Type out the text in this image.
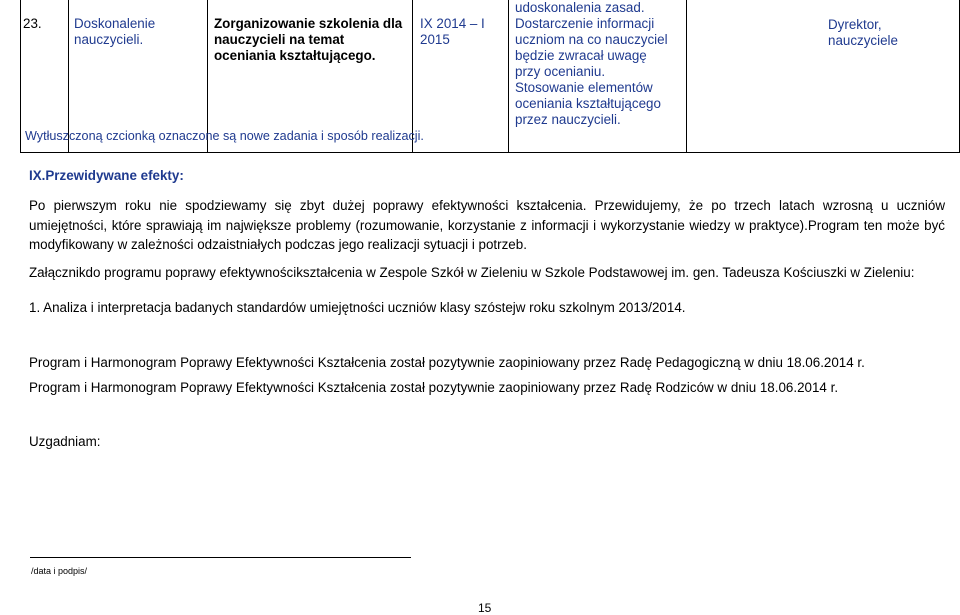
23. Doskonalenie nauczycieli.
Zorganizowanie szkolenia dla nauczycieli na temat oceniania kształtującego.
IX 2014 – I 2015
udoskonalenia zasad.
Dostarczenie informacji
uczniom na co nauczyciel
będzie zwracał uwagę
przy ocenianiu.
Stosowanie elementów
oceniania kształtującego
przez nauczycieli.
Dyrektor, nauczyciele
Wytłuszczoną czcionką oznaczone są nowe zadania i sposób realizacji.
IX.Przewidywane efekty:
Po pierwszym roku nie spodziewamy się zbyt dużej poprawy efektywności kształcenia. Przewidujemy, że po trzech latach wzrosną u uczniów umiejętności, które sprawiają im największe problemy (rozumowanie, korzystanie z informacji i wykorzystanie wiedzy w praktyce).Program ten może być modyfikowany w zależności odzaistniałych podczas jego realizacji sytuacji i potrzeb.
Załącznikdo programu poprawy efektywnościkształcenia w Zespole Szkół w Zieleniu w Szkole Podstawowej im. gen. Tadeusza Kościuszki w Zieleniu:
1. Analiza i interpretacja badanych standardów umiejętności uczniów klasy szóstejw roku szkolnym 2013/2014.
Program i Harmonogram Poprawy Efektywności Kształcenia został pozytywnie zaopiniowany przez Radę Pedagogiczną w dniu 18.06.2014 r.
Program i Harmonogram Poprawy Efektywności Kształcenia został pozytywnie zaopiniowany przez Radę Rodziców w dniu 18.06.2014 r.
Uzgadniam:
/data i podpis/
15
